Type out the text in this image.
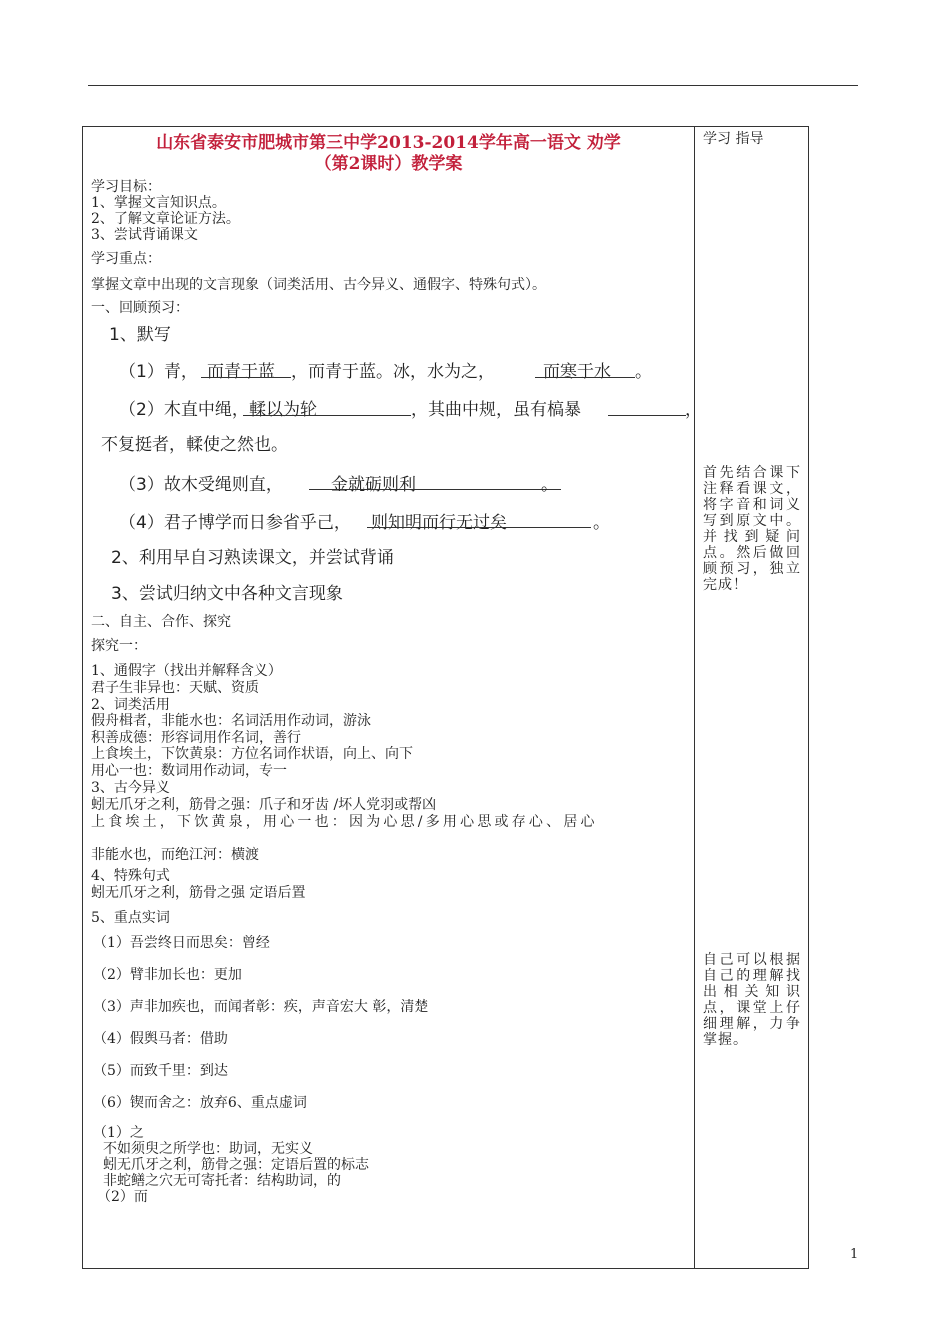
山东省泰安市肥城市第三中学2013-2014学年高一语文 劝学
（第2课时）教学案
学习目标：
1、掌握文言知识点。
2、了解文章论证方法。
3、尝试背诵课文
学习重点：
掌握文章中出现的文言现象（词类活用、古今异义、通假字、特殊句式）。
一、回顾预习：
1、默写
（1）青， 而青于蓝 ，而青于蓝。冰，水为之，	而寒于水 。
（2）木直中绳， 輮以为轮	，其曲中规，虽有槁暴	，
不复挺者，輮使之然也。
（3）故木受绳则直，	金就砺则利	。
（4）君子博学而日参省乎己， 则知明而行无过矣	。
2、利用早自习熟读课文，并尝试背诵
3、尝试归纳文中各种文言现象
二、自主、合作、探究
探究一：
1、通假字（找出并解释含义）
君子生非异也：天赋、资质
2、词类活用
假舟楫者，非能水也：名词活用作动词，游泳
积善成德：形容词用作名词，善行
上食埃土，下饮黄泉：方位名词作状语，向上、向下
用心一也：数词用作动词，专一
3、古今异义
蚓无爪牙之利，筋骨之强：爪子和牙齿 /坏人党羽或帮凶
上食埃土，下饮黄泉，用心一也：因为心思/多用心思或存心、居心
非能水也，而绝江河：横渡
4、特殊句式
蚓无爪牙之利，筋骨之强 定语后置
5、重点实词
（1）吾尝终日而思矣：曾经
（2）臂非加长也：更加
（3）声非加疾也，而闻者彰：疾，声音宏大 彰，清楚
（4）假舆马者：借助
（5）而致千里：到达
（6）锲而舍之：放弃6、重点虚词
（1）之
不如须臾之所学也：助词，无实义
蚓无爪牙之利，筋骨之强：定语后置的标志
非蛇鳝之穴无可寄托者：结构助词，的
（2）而
学习 指导
首先结合课下注释看课文，将字音和词义写到原文中。并找到疑问点。然后做回顾预习，独立完成！
自己可以根据自己的理解找出相关知识点，课堂上仔细理解，力争掌握。
1
